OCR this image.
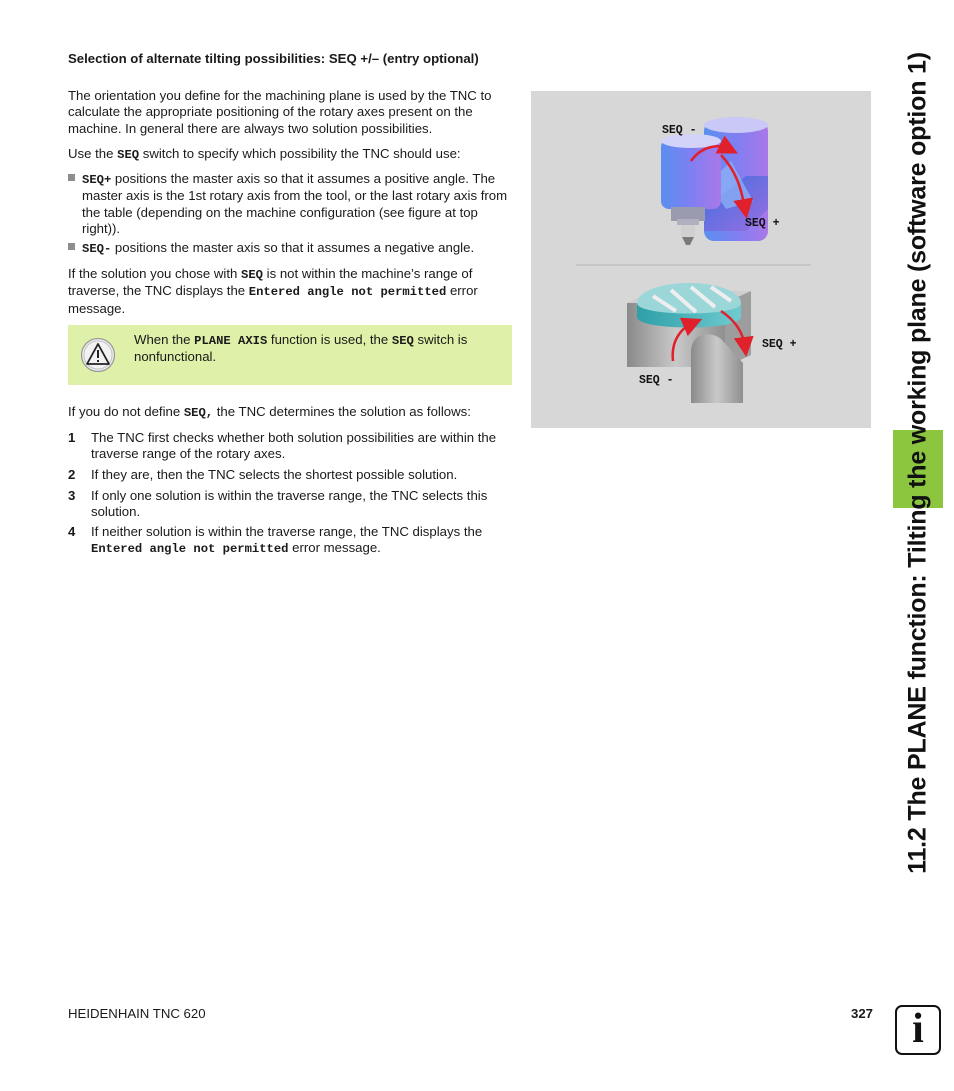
11.2 The PLANE function: Tilting the working plane (software option 1)
Selection of alternate tilting possibilities: SEQ +/– (entry optional)
The orientation you define for the machining plane is used by the TNC to calculate the appropriate positioning of the rotary axes present on the machine. In general there are always two solution possibilities.
Use the SEQ switch to specify which possibility the TNC should use:
SEQ+ positions the master axis so that it assumes a positive angle. The master axis is the 1st rotary axis from the tool, or the last rotary axis from the table (depending on the machine configuration (see figure at top right)).
SEQ- positions the master axis so that it assumes a negative angle.
If the solution you chose with SEQ is not within the machine’s range of traverse, the TNC displays the Entered angle not permitted error message.
When the PLANE AXIS function is used, the SEQ switch is nonfunctional.
If you do not define SEQ, the TNC determines the solution as follows:
1 The TNC first checks whether both solution possibilities are within the traverse range of the rotary axes.
2 If they are, then the TNC selects the shortest possible solution.
3 If only one solution is within the traverse range, the TNC selects this solution.
4 If neither solution is within the traverse range, the TNC displays the Entered angle not permitted error message.
SEQ -
SEQ +
SEQ +
SEQ -
HEIDENHAIN TNC 620	327 i
